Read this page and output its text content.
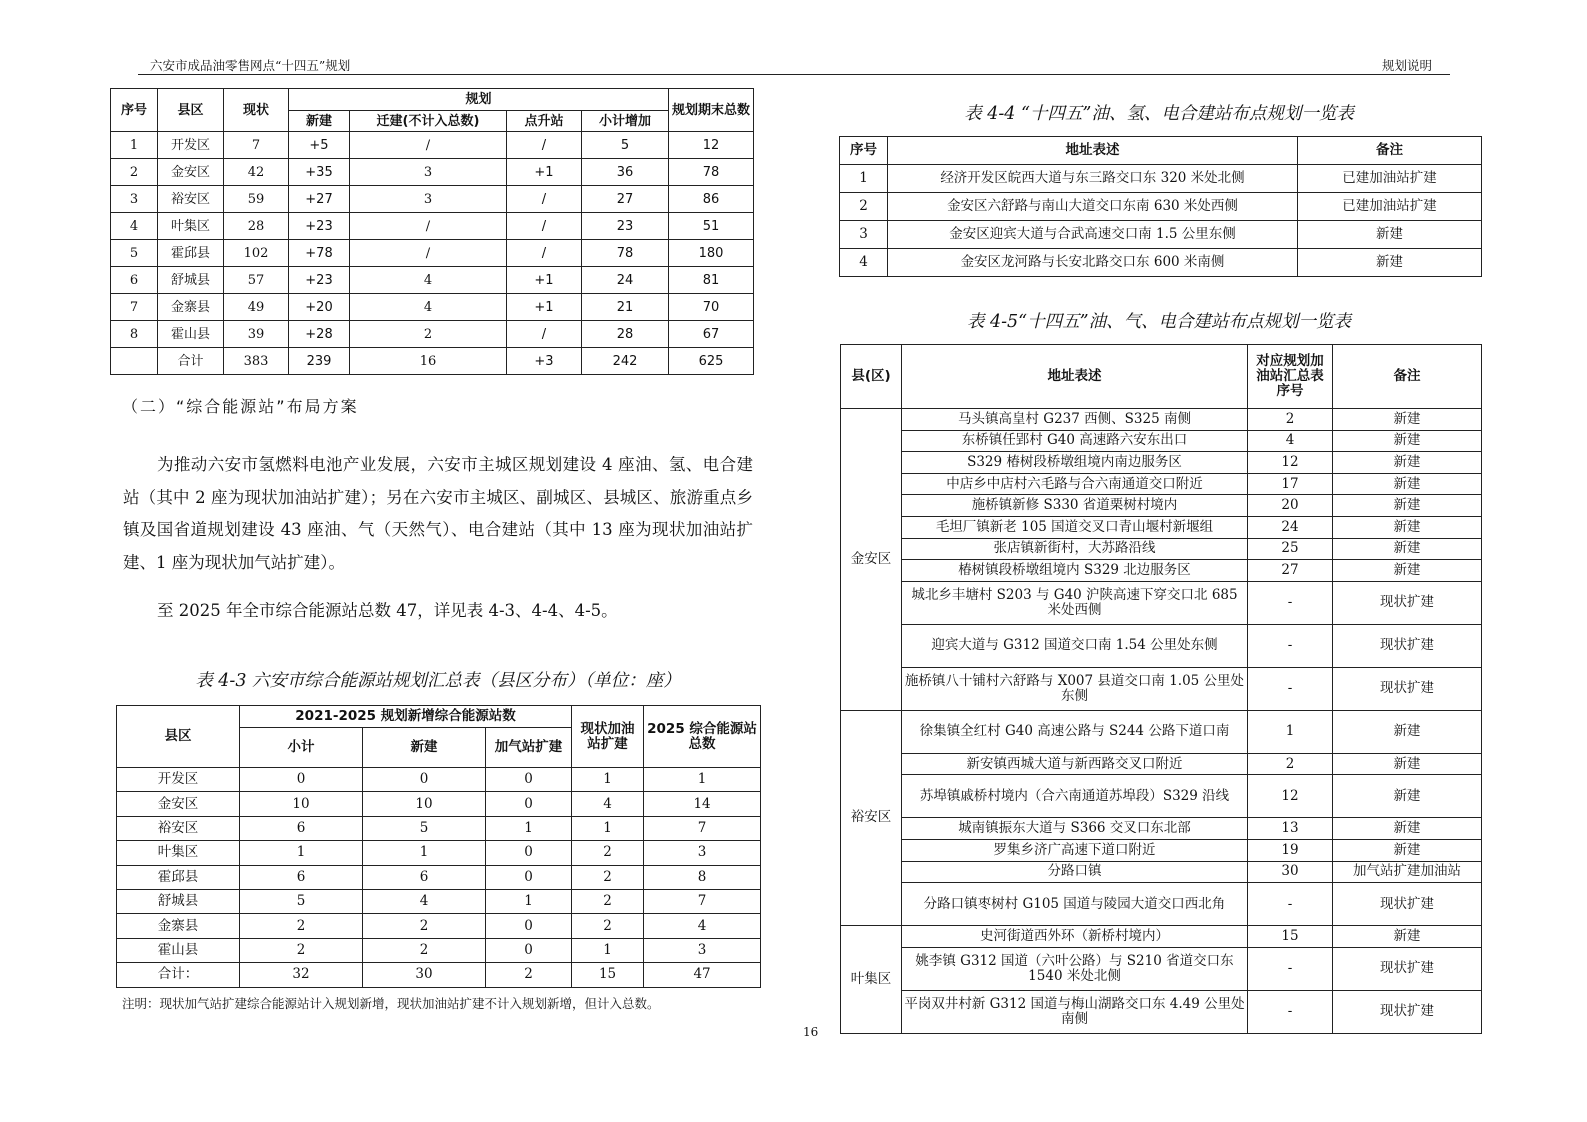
六安市成品油零售网点“十四五”规划	规划说明
序号	县区	现状	规划				规划期末总数
			新建	迁建(不计入总数)	点升站	小计增加	
1	开发区	7	+5	/	/	5	12
2	金安区	42	+35	3	+1	36	78
3	裕安区	59	+27	3	/	27	86
4	叶集区	28	+23	/	/	23	51
5	霍邱县	102	+78	/	/	78	180
6	舒城县	57	+23	4	+1	24	81
7	金寨县	49	+20	4	+1	21	70
8	霍山县	39	+28	2	/	28	67
	合计	383	239	16	+3	242	625
（二）“综合能源站”布局方案
为推动六安市氢燃料电池产业发展，六安市主城区规划建设 4 座油、氢、电合建站（其中 2 座为现状加油站扩建）；另在六安市主城区、副城区、县城区、旅游重点乡镇及国省道规划建设 43 座油、气（天然气）、电合建站（其中 13 座为现状加油站扩建、1 座为现状加气站扩建）。
至 2025 年全市综合能源站总数 47，详见表 4-3、4-4、4-5。
表 4-3 六安市综合能源站规划汇总表（县区分布）（单位：座）
县区	2021-2025 规划新增综合能源站数			现状加油站扩建	2025 综合能源站总数
	小计	新建	加气站扩建		
开发区	0	0	0	1	1
金安区	10	10	0	4	14
裕安区	6	5	1	1	7
叶集区	1	1	0	2	3
霍邱县	6	6	0	2	8
舒城县	5	4	1	2	7
金寨县	2	2	0	2	4
霍山县	2	2	0	1	3
合计：	32	30	2	15	47
注明：现状加气站扩建综合能源站计入规划新增，现状加油站扩建不计入规划新增，但计入总数。
16
表 4-4 “十四五”油、氢、电合建站布点规划一览表
序号	地址表述	备注
1	经济开发区皖西大道与东三路交口东 320 米处北侧	已建加油站扩建
2	金安区六舒路与南山大道交口东南 630 米处西侧	已建加油站扩建
3	金安区迎宾大道与合武高速交口南 1.5 公里东侧	新建
4	金安区龙河路与长安北路交口东 600 米南侧	新建
表 4-5“十四五”油、气、电合建站布点规划一览表
县(区)	地址表述	对应规划加油站汇总表序号	备注
金安区	马头镇高皇村 G237 西侧、S325 南侧	2	新建
	东桥镇任郢村 G40 高速路六安东出口	4	新建
	S329 椿树段桥墩组境内南边服务区	12	新建
	中店乡中店村六毛路与合六南通道交口附近	17	新建
	施桥镇新修 S330 省道栗树村境内	20	新建
	毛坦厂镇新老 105 国道交叉口青山堰村新堰组	24	新建
	张店镇新街村，大苏路沿线	25	新建
	椿树镇段桥墩组境内 S329 北边服务区	27	新建
	城北乡丰塘村 S203 与 G40 沪陕高速下穿交口北 685 米处西侧	-	现状扩建
	迎宾大道与 G312 国道交口南 1.54 公里处东侧	-	现状扩建
	施桥镇八十铺村六舒路与 X007 县道交口南 1.05 公里处东侧	-	现状扩建
裕安区	徐集镇全红村 G40 高速公路与 S244 公路下道口南	1	新建
	新安镇西城大道与新西路交叉口附近	2	新建
	苏埠镇戚桥村境内（合六南通道苏埠段）S329 沿线	12	新建
	城南镇振东大道与 S366 交叉口东北部	13	新建
	罗集乡济广高速下道口附近	19	新建
	分路口镇	30	加气站扩建加油站
	分路口镇枣树村 G105 国道与陵园大道交口西北角	-	现状扩建
叶集区	史河街道西外环（新桥村境内）	15	新建
	姚李镇 G312 国道（六叶公路）与 S210 省道交口东 1540 米处北侧	-	现状扩建
	平岗双井村新 G312 国道与梅山湖路交口东 4.49 公里处南侧	-	现状扩建
